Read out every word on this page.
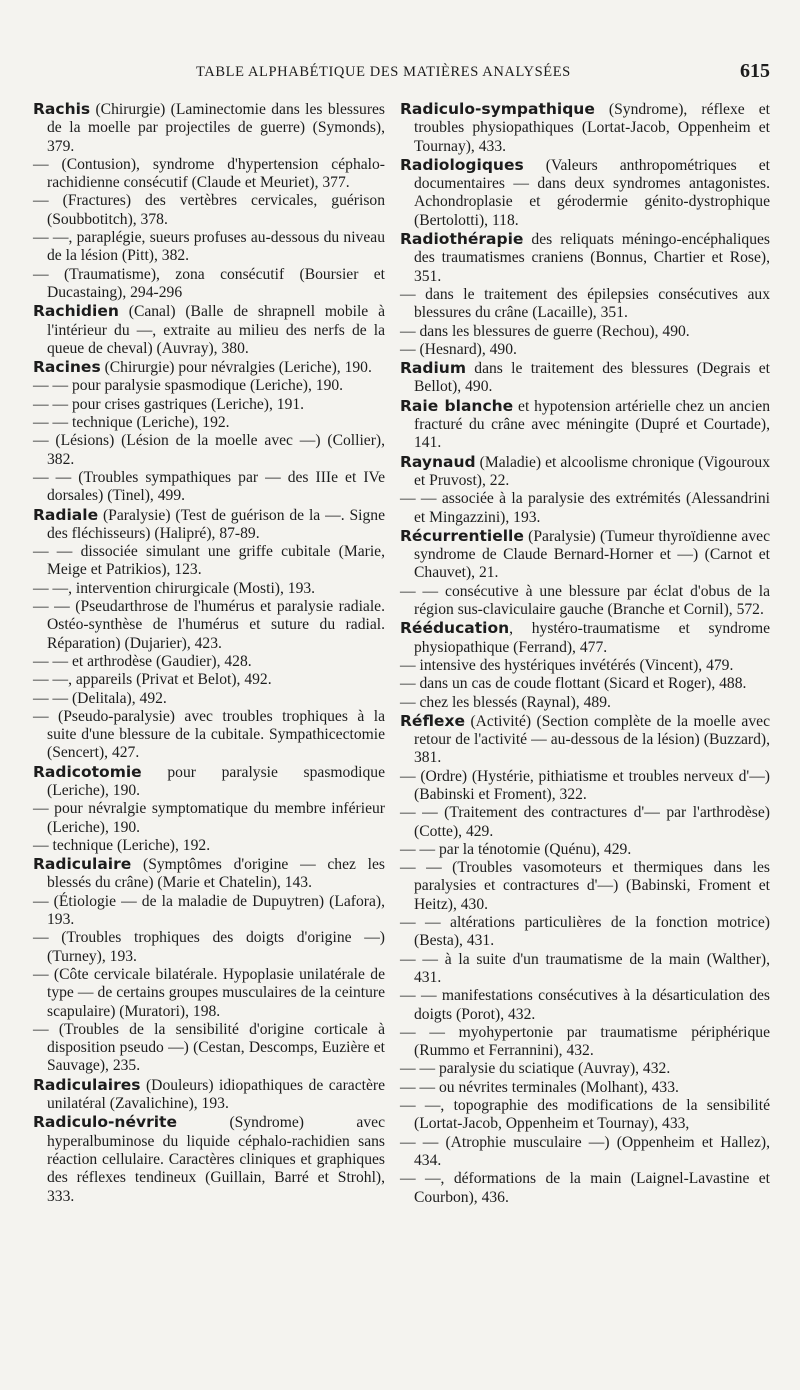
TABLE ALPHABÉTIQUE DES MATIÈRES ANALYSÉES	615

Rachis (Chirurgie) (Laminectomie dans les blessures de la moelle par projectiles de guerre) (Symonds), 379.

— (Contusion), syndrome d'hypertension céphalo-rachidienne consécutif (Claude et Meuriet), 377.

— (Fractures) des vertèbres cervicales, guérison (Soubbotitch), 378.

— —, paraplégie, sueurs profuses au-dessous du niveau de la lésion (Pitt), 382.

— (Traumatisme), zona consécutif (Boursier et Ducastaing), 294-296

Rachidien (Canal) (Balle de shrapnell mobile à l'intérieur du —, extraite au milieu des nerfs de la queue de cheval) (Auvray), 380.

Racines (Chirurgie) pour névralgies (Leriche), 190.

— — pour paralysie spasmodique (Leriche), 190.

— — pour crises gastriques (Leriche), 191.

— — technique (Leriche), 192.

— (Lésions) (Lésion de la moelle avec —) (Collier), 382.

— — (Troubles sympathiques par — des IIIe et IVe dorsales) (Tinel), 499.

Radiale (Paralysie) (Test de guérison de la —. Signe des fléchisseurs) (Halipré), 87-89.

— — dissociée simulant une griffe cubitale (Marie, Meige et Patrikios), 123.

— —, intervention chirurgicale (Mosti), 193.

— — (Pseudarthrose de l'humérus et paralysie radiale. Ostéo-synthèse de l'humérus et suture du radial. Réparation) (Dujarier), 423.

— — et arthrodèse (Gaudier), 428.

— —, appareils (Privat et Belot), 492.

— — (Delitala), 492.

— (Pseudo-paralysie) avec troubles trophiques à la suite d'une blessure de la cubitale. Sympathicectomie (Sencert), 427.

Radicotomie pour paralysie spasmodique (Leriche), 190.

— pour névralgie symptomatique du membre inférieur (Leriche), 190.

— technique (Leriche), 192.

Radiculaire (Symptômes d'origine — chez les blessés du crâne) (Marie et Chatelin), 143.

— (Étiologie — de la maladie de Dupuytren) (Lafora), 193.

— (Troubles trophiques des doigts d'origine —) (Turney), 193.

— (Côte cervicale bilatérale. Hypoplasie unilatérale de type — de certains groupes musculaires de la ceinture scapulaire) (Muratori), 198.

— (Troubles de la sensibilité d'origine corticale à disposition pseudo —) (Cestan, Descomps, Euzière et Sauvage), 235.

Radiculaires (Douleurs) idiopathiques de caractère unilatéral (Zavalichine), 193.

Radiculo-névrite (Syndrome) avec hyperalbuminose du liquide céphalo-rachidien sans réaction cellulaire. Caractères cliniques et graphiques des réflexes tendineux (Guillain, Barré et Strohl), 333.

Radiculo-sympathique (Syndrome), réflexe et troubles physiopathiques (Lortat-Jacob, Oppenheim et Tournay), 433.

Radiologiques (Valeurs anthropométriques et documentaires — dans deux syndromes antagonistes. Achondroplasie et gérodermie génito-dystrophique (Bertolotti), 118.

Radiothérapie des reliquats méningo-encéphaliques des traumatismes craniens (Bonnus, Chartier et Rose), 351.

— dans le traitement des épilepsies consécutives aux blessures du crâne (Lacaille), 351.

— dans les blessures de guerre (Rechou), 490.

— (Hesnard), 490.

Radium dans le traitement des blessures (Degrais et Bellot), 490.

Raie blanche et hypotension artérielle chez un ancien fracturé du crâne avec méningite (Dupré et Courtade), 141.

Raynaud (Maladie) et alcoolisme chronique (Vigouroux et Pruvost), 22.

— — associée à la paralysie des extrémités (Alessandrini et Mingazzini), 193.

Récurrentielle (Paralysie) (Tumeur thyroïdienne avec syndrome de Claude Bernard-Horner et —) (Carnot et Chauvet), 21.

— — consécutive à une blessure par éclat d'obus de la région sus-claviculaire gauche (Branche et Cornil), 572.

Rééducation, hystéro-traumatisme et syndrome physiopathique (Ferrand), 477.

— intensive des hystériques invétérés (Vincent), 479.

— dans un cas de coude flottant (Sicard et Roger), 488.

— chez les blessés (Raynal), 489.

Réflexe (Activité) (Section complète de la moelle avec retour de l'activité — au-dessous de la lésion) (Buzzard), 381.

— (Ordre) (Hystérie, pithiatisme et troubles nerveux d'—) (Babinski et Froment), 322.

— — (Traitement des contractures d'— par l'arthrodèse) (Cotte), 429.

— — par la ténotomie (Quénu), 429.

— — (Troubles vasomoteurs et thermiques dans les paralysies et contractures d'—) (Babinski, Froment et Heitz), 430.

— — altérations particulières de la fonction motrice) (Besta), 431.

— — à la suite d'un traumatisme de la main (Walther), 431.

— — manifestations consécutives à la désarticulation des doigts (Porot), 432.

— — myohypertonie par traumatisme périphérique (Rummo et Ferrannini), 432.

— — paralysie du sciatique (Auvray), 432.

— — ou névrites terminales (Molhant), 433.

— —, topographie des modifications de la sensibilité (Lortat-Jacob, Oppenheim et Tournay), 433,

— — (Atrophie musculaire —) (Oppenheim et Hallez), 434.

— —, déformations de la main (Laignel-Lavastine et Courbon), 436.
